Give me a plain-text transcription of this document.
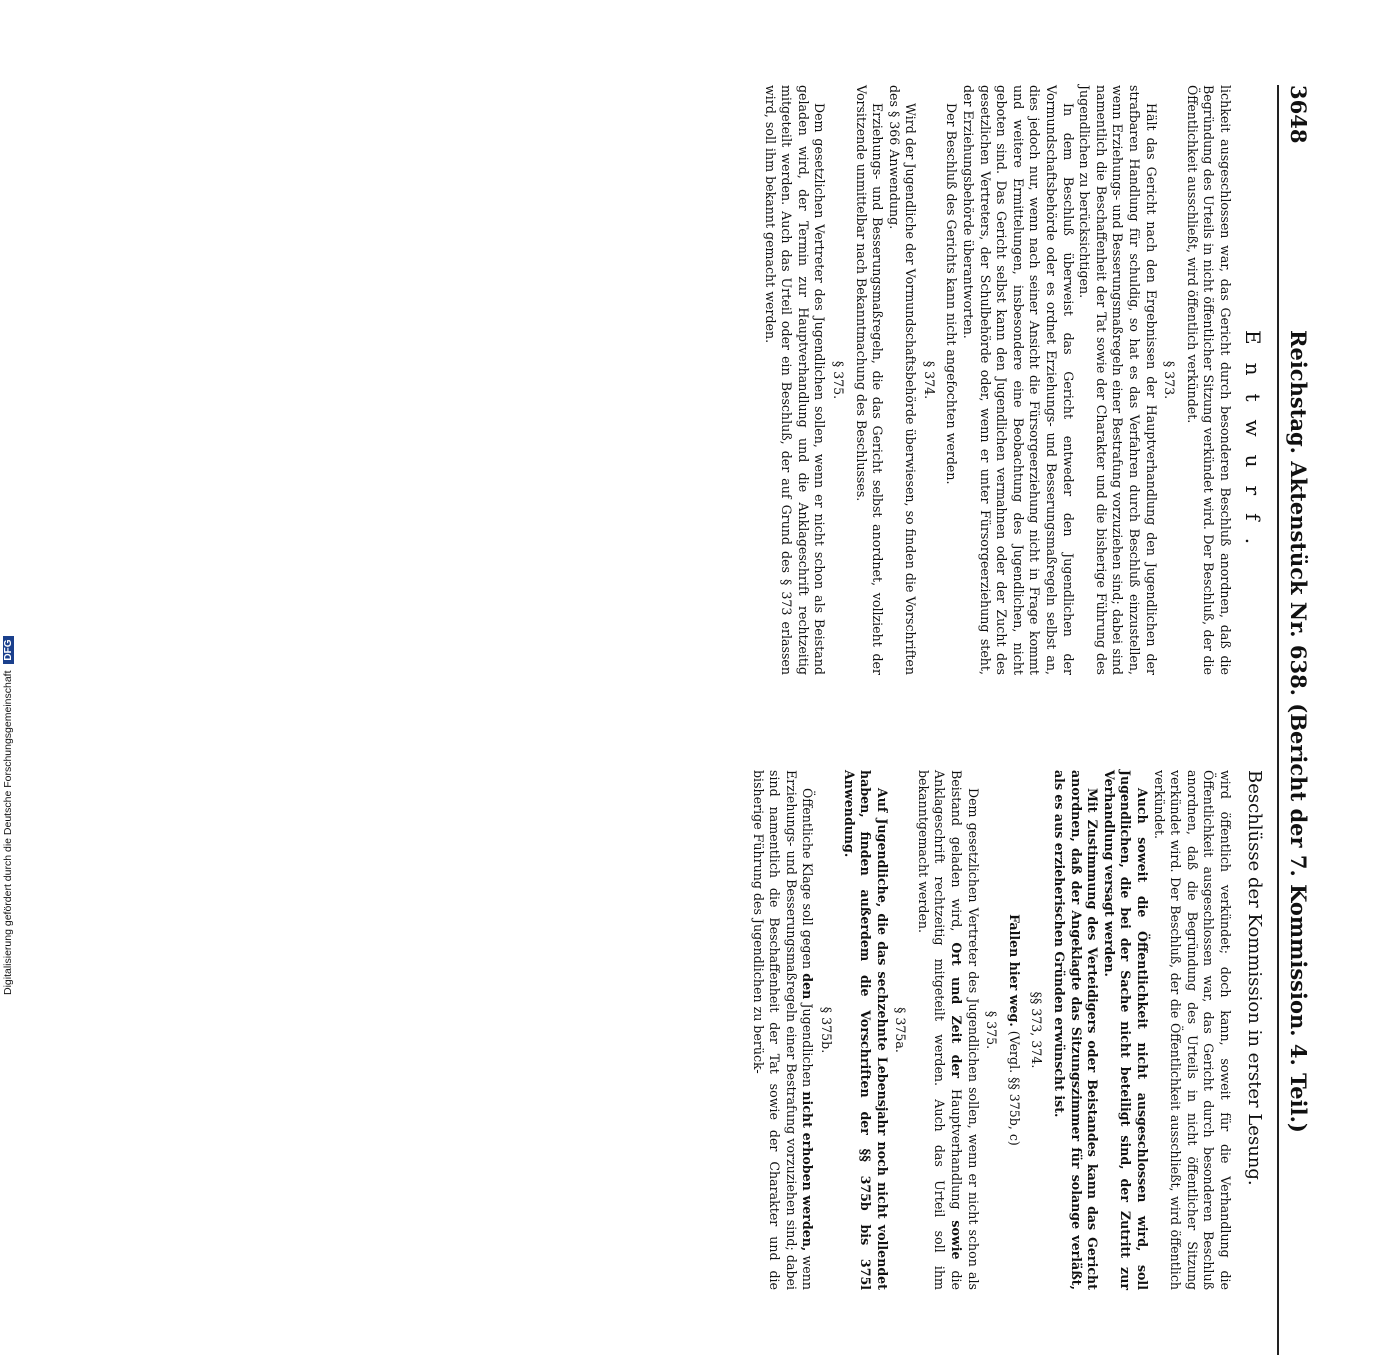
3648
Reichstag. Aktenstück Nr. 638. (Bericht der 7. Kommission. 4. Teil.)
Entwurf.

lichkeit ausgeschlossen war, das Gericht durch besonderen Beschluß anordnen, daß die Begründung des Urteils in nicht öffentlicher Sitzung verkündet wird. Der Beschluß, der die Öffentlichkeit ausschließt, wird öffentlich verkündet.

§ 373.

Hält das Gericht nach den Ergebnissen der Hauptverhandlung den Jugendlichen der strafbaren Handlung für schuldig, so hat es das Verfahren durch Beschluß einzustellen, wenn Erziehungs- und Besserungsmaßregeln einer Bestrafung vorzuziehen sind; dabei sind namentlich die Beschaffenheit der Tat sowie der Charakter und die bisherige Führung des Jugendlichen zu berücksichtigen.

In dem Beschluß überweist das Gericht entweder den Jugendlichen der Vormundschaftsbehörde oder es ordnet Erziehungs- und Besserungsmaßregeln selbst an, dies jedoch nur, wenn nach seiner Ansicht die Fürsorgeerziehung nicht in Frage kommt und weitere Ermittelungen, insbesondere eine Beobachtung des Jugendlichen, nicht geboten sind. Das Gericht selbst kann den Jugendlichen vermahnen oder der Zucht des gesetzlichen Vertreters, der Schulbehörde oder, wenn er unter Fürsorgeerziehung steht, der Erziehungsbehörde überantworten.

Der Beschluß des Gerichts kann nicht angefochten werden.

§ 374.

Wird der Jugendliche der Vormundschaftsbehörde überwiesen, so finden die Vorschriften des § 366 Anwendung.

Erziehungs- und Besserungsmaßregeln, die das Gericht selbst anordnet, vollzieht der Vorsitzende unmittelbar nach Bekanntmachung des Beschlusses.

§ 375.

Dem gesetzlichen Vertreter des Jugendlichen sollen, wenn er nicht schon als Beistand geladen wird, der Termin zur Hauptverhandlung und die Anklageschrift rechtzeitig mitgeteilt werden. Auch das Urteil oder ein Beschluß, der auf Grund des § 373 erlassen wird, soll ihm bekannt gemacht werden.

Beschlüsse der Kommission in erster Lesung.

wird öffentlich verkündet; doch kann, soweit für die Verhandlung die Öffentlichkeit ausgeschlossen war, das Gericht durch besonderen Beschluß anordnen, daß die Begründung des Urteils in nicht öffentlicher Sitzung verkündet wird. Der Beschluß, der die Öffentlichkeit ausschließt, wird öffentlich verkündet.

Auch soweit die Öffentlichkeit nicht ausgeschlossen wird, soll Jugendlichen, die bei der Sache nicht beteiligt sind, der Zutritt zur Verhandlung versagt werden.

Mit Zustimmung des Verteidigers oder Beistandes kann das Gericht anordnen, daß der Angeklagte das Sitzungszimmer für solange verläßt, als es aus erzieherischen Gründen erwünscht ist.

§§ 373, 374.

Fallen hier weg. (Vergl. §§ 375b, c)

§ 375.

Dem gesetzlichen Vertreter des Jugendlichen sollen, wenn er nicht schon als Beistand geladen wird, Ort und Zeit der Hauptverhandlung sowie die Anklageschrift rechtzeitig mitgeteilt werden. Auch das Urteil soll ihm bekanntgemacht werden.

§ 375a.

Auf Jugendliche, die das sechzehnte Lebensjahr noch nicht vollendet haben, finden außerdem die Vorschriften der §§ 375b bis 375l Anwendung.

§ 375b.

Öffentliche Klage soll gegen den Jugendlichen nicht erhoben werden, wenn Erziehungs- und Besserungsmaßregeln einer Bestrafung vorzuziehen sind; dabei sind namentlich die Beschaffenheit der Tat sowie der Charakter und die bisherige Führung des Jugendlichen zu berück-

Digitalisierung gefördert durch die Deutsche Forschungsgemeinschaft DFG
